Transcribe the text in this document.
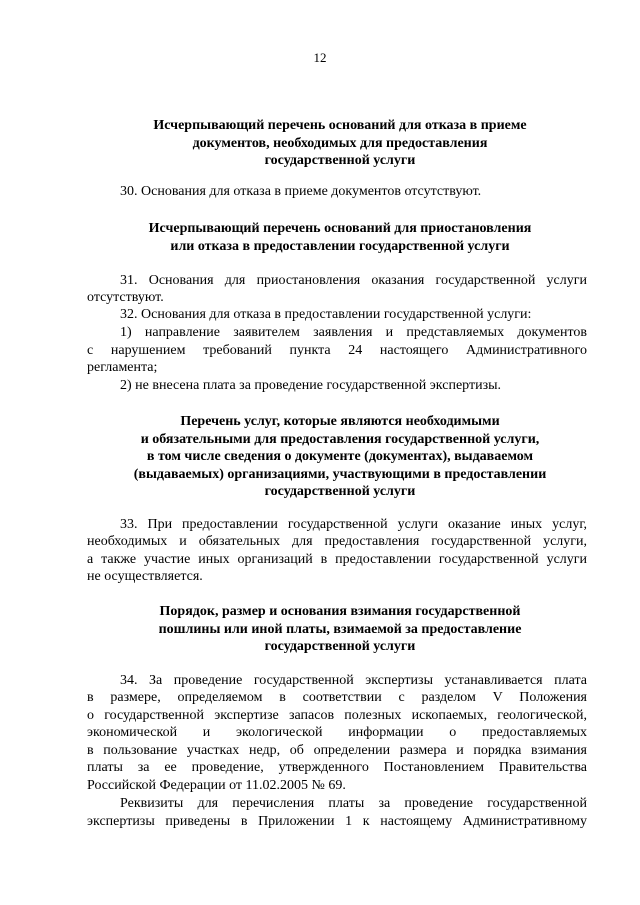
12
Исчерпывающий перечень оснований для отказа в приеме
документов, необходимых для предоставления
государственной услуги
30. Основания для отказа в приеме документов отсутствуют.
Исчерпывающий перечень оснований для приостановления
или отказа в предоставлении государственной услуги
31. Основания для приостановления оказания государственной услуги
отсутствуют.
32. Основания для отказа в предоставлении государственной услуги:
1) направление заявителем заявления и представляемых документов
с нарушением требований пункта 24 настоящего Административного
регламента;
2) не внесена плата за проведение государственной экспертизы.
Перечень услуг, которые являются необходимыми
и обязательными для предоставления государственной услуги,
в том числе сведения о документе (документах), выдаваемом
(выдаваемых) организациями, участвующими в предоставлении
государственной услуги
33. При предоставлении государственной услуги оказание иных услуг,
необходимых и обязательных для предоставления государственной услуги,
а также участие иных организаций в предоставлении государственной услуги
не осуществляется.
Порядок, размер и основания взимания государственной
пошлины или иной платы, взимаемой за предоставление
государственной услуги
34. За проведение государственной экспертизы устанавливается плата
в размере, определяемом в соответствии с разделом V Положения
о государственной экспертизе запасов полезных ископаемых, геологической,
экономической и экологической информации о предоставляемых
в пользование участках недр, об определении размера и порядка взимания
платы за ее проведение, утвержденного Постановлением Правительства
Российской Федерации от 11.02.2005 № 69.
Реквизиты для перечисления платы за проведение государственной
экспертизы приведены в Приложении 1 к настоящему Административному
